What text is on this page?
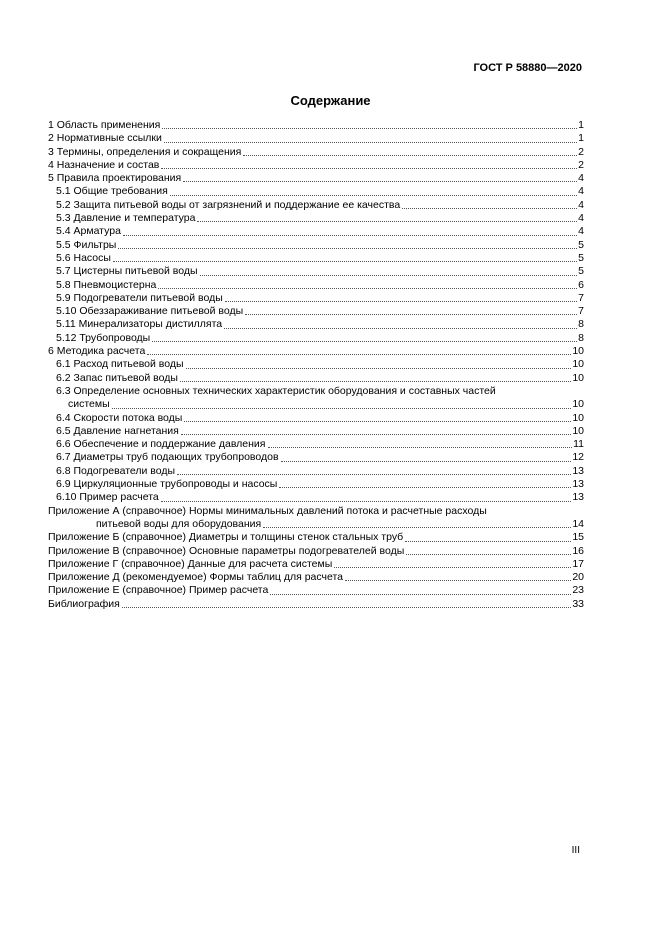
ГОСТ Р 58880—2020
Содержание
1 Область применения	1
2 Нормативные ссылки	1
3 Термины, определения и сокращения	2
4 Назначение и состав	2
5 Правила проектирования	4
5.1 Общие требования	4
5.2 Защита питьевой воды от загрязнений и поддержание ее качества	4
5.3 Давление и температура	4
5.4 Арматура	4
5.5 Фильтры	5
5.6 Насосы	5
5.7 Цистерны питьевой воды	5
5.8 Пневмоцистерна	6
5.9 Подогреватели питьевой воды	7
5.10 Обеззараживание питьевой воды	7
5.11 Минерализаторы дистиллята	8
5.12 Трубопроводы	8
6 Методика расчета	10
6.1 Расход питьевой воды	10
6.2 Запас питьевой воды	10
6.3 Определение основных технических характеристик оборудования и составных частей
системы	10
6.4 Скорости потока воды	10
6.5 Давление нагнетания	10
6.6 Обеспечение и поддержание давления	11
6.7 Диаметры труб подающих трубопроводов	12
6.8 Подогреватели воды	13
6.9 Циркуляционные трубопроводы и насосы	13
6.10 Пример расчета	13
Приложение А (справочное) Нормы минимальных давлений потока и расчетные расходы
питьевой воды для оборудования	14
Приложение Б (справочное) Диаметры и толщины стенок стальных труб	15
Приложение В (справочное) Основные параметры подогревателей воды	16
Приложение Г (справочное) Данные для расчета системы	17
Приложение Д (рекомендуемое) Формы таблиц для расчета	20
Приложение Е (справочное) Пример расчета	23
Библиография	33
III
